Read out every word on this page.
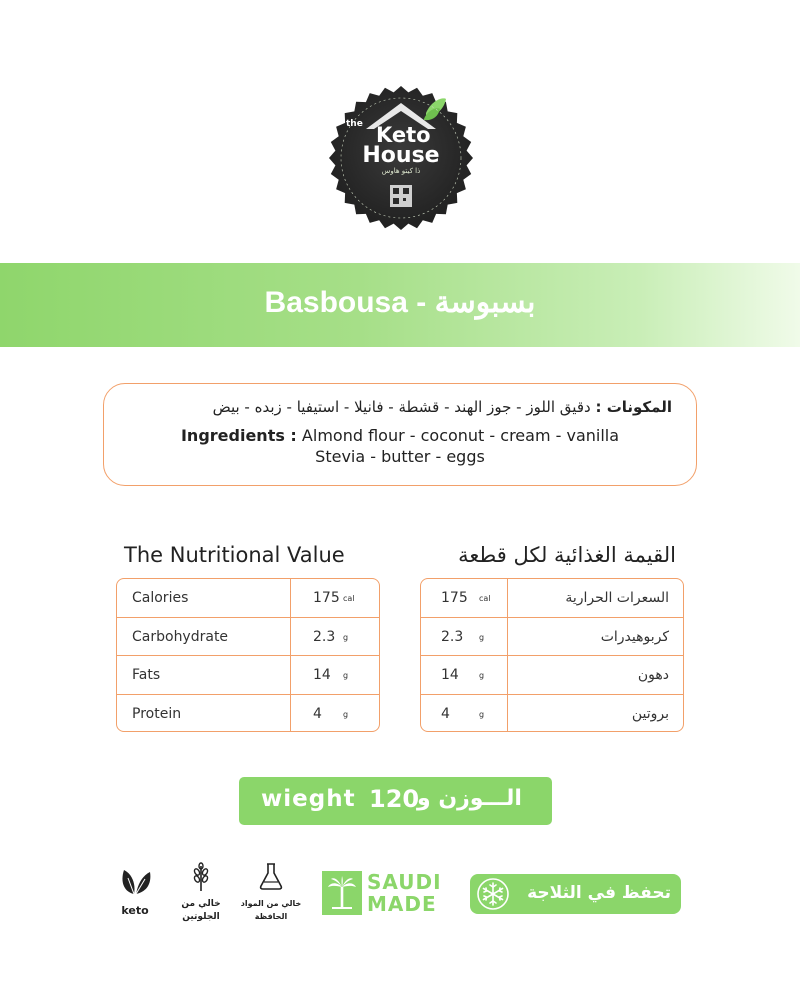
the Keto
House
ذا كيتو هاوس
Basbousa - بسبوسة
المكونات : دقيق اللوز - جوز الهند - قشطة - فانيلا - استيفيا - زبده - بيض
Ingredients : Almond flour - coconut - cream - vanilla
Stevia - butter - eggs
The Nutritional Value	القيمة الغذائية لكل قطعة
Calories	175 cal
Carbohydrate	2.3 g
Fats	14 g
Protein	4	g
175 cal	السعرات الحرارية
2.3 g	كربوهيدرات
14	g	دهون
4	g	بروتين
wieght 120
الـــوزن و
keto	خالي من
الجلوتين
خالي من المواد
الحافظة
SAUDI
MADE	تحفظ في الثلاجة
